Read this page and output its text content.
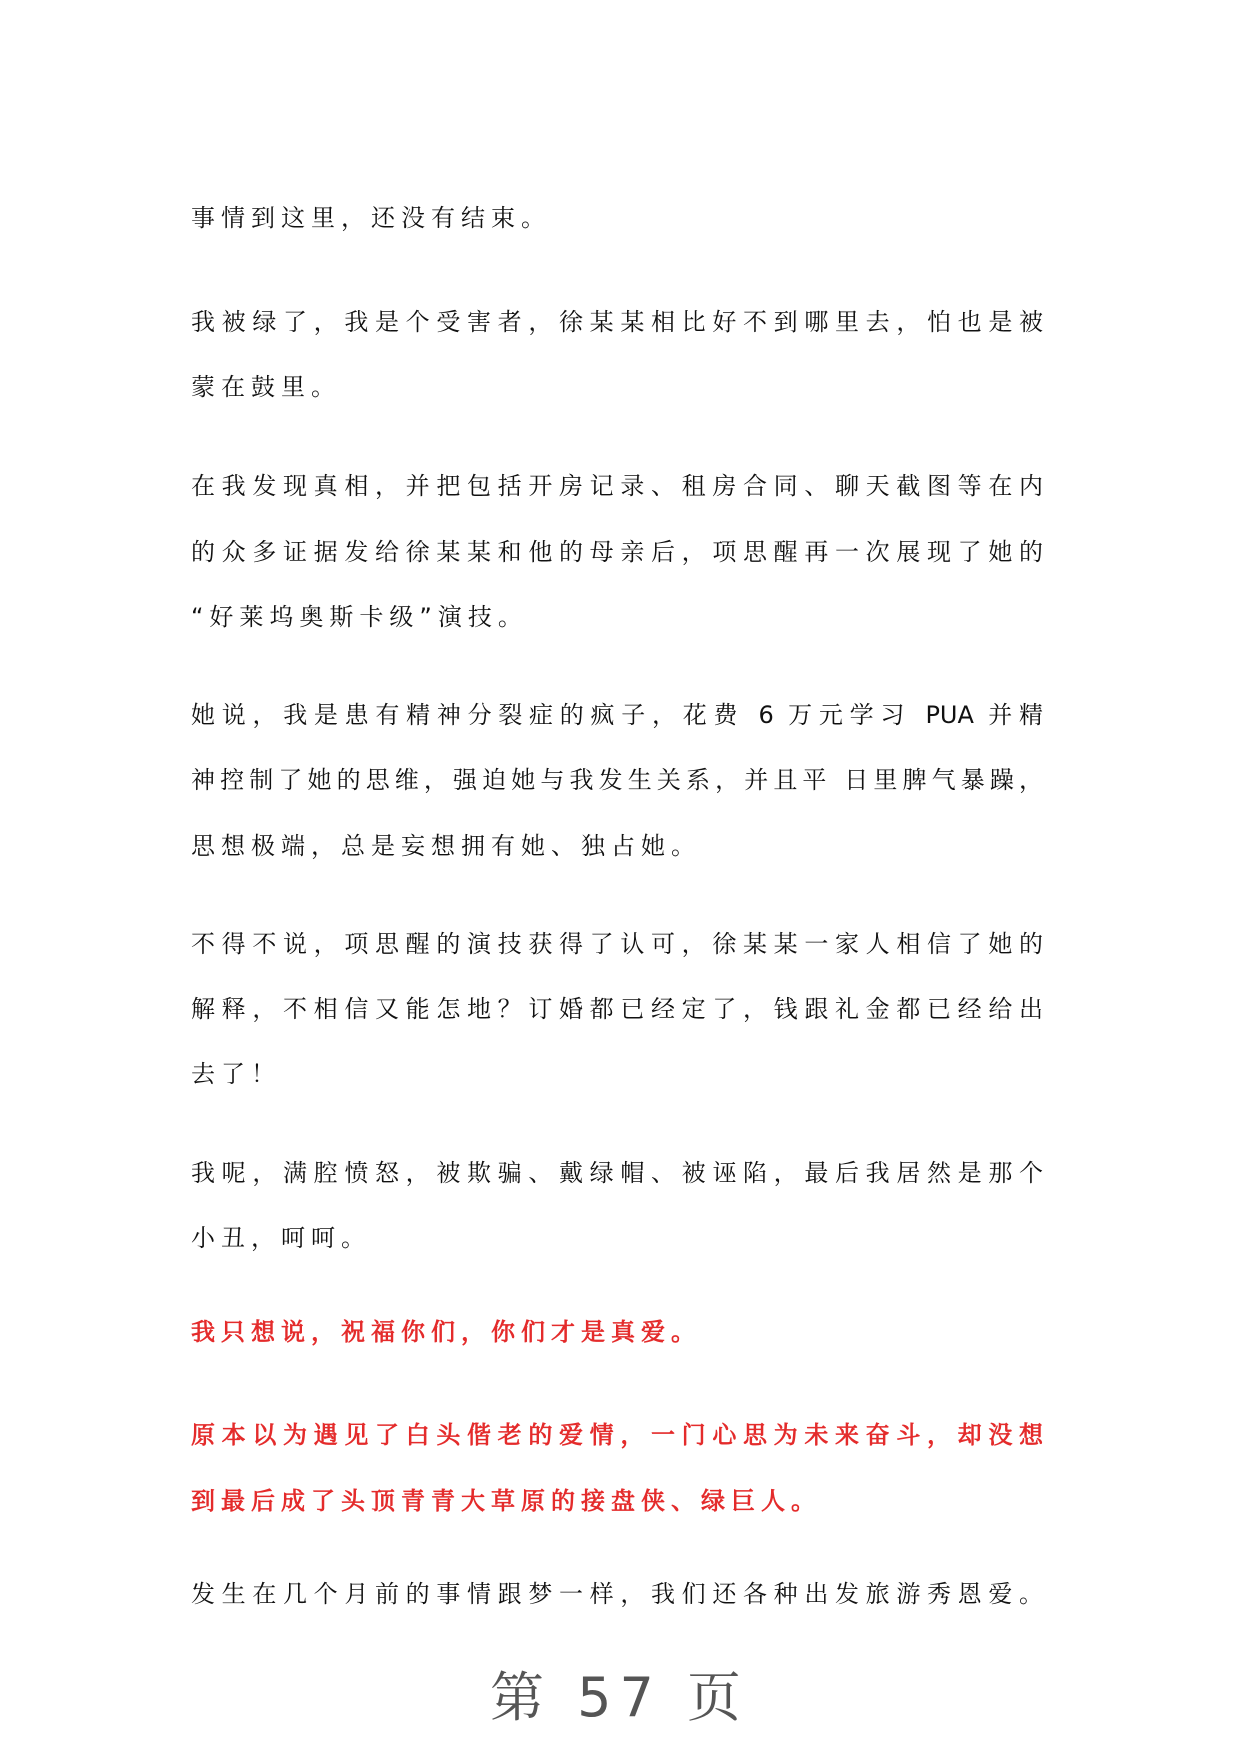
事情到这里，还没有结束。
我被绿了，我是个受害者，徐某某相比好不到哪里去，怕也是被
蒙在鼓里。
在我发现真相，并把包括开房记录、租房合同、聊天截图等在内
的众多证据发给徐某某和他的母亲后，项思醒再一次展现了她的
“好莱坞奥斯卡级”演技。
她说，我是患有精神分裂症的疯子，花费 6 万元学习 PUA 并精
神控制了她的思维，强迫她与我发生关系，并且平 日里脾气暴躁，
思想极端，总是妄想拥有她、独占她。
不得不说，项思醒的演技获得了认可，徐某某一家人相信了她的
解释，不相信又能怎地？订婚都已经定了，钱跟礼金都已经给出
去了！
我呢，满腔愤怒，被欺骗、戴绿帽、被诬陷，最后我居然是那个
小丑，呵呵。
我只想说，祝福你们，你们才是真爱。
原本以为遇见了白头偕老的爱情，一门心思为未来奋斗，却没想
到最后成了头顶青青大草原的接盘侠、绿巨人。
发生在几个月前的事情跟梦一样，我们还各种出发旅游秀恩爱。
第 57 页
